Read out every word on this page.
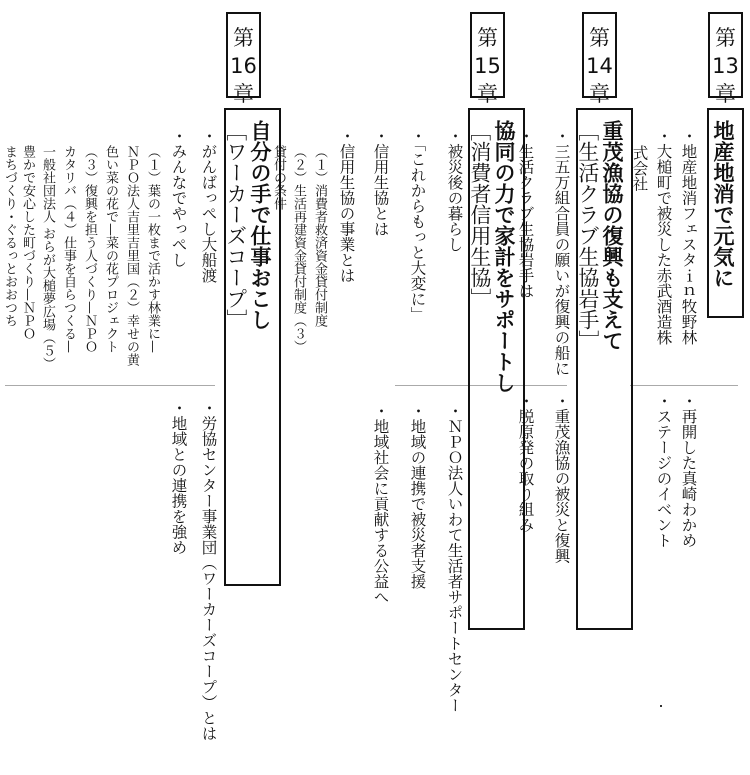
第
13
章
地産地消で元気に
・地産地消フェスタｉｎ牧野林
・大槌町で被災した赤武酒造株
式会社
・再開した真崎わかめ
・ステージのイベント
第
14
章
重茂漁協の復興も支えて
［生活クラブ生協岩手］
・三五万組合員の願いが復興の船に
・生活クラブ生協岩手は
・重茂漁協の被災と復興
・脱原発の取り組み
第
15
章
協同の力で家計をサポートし
［消費者信用生協］
・被災後の暮らし
・「これからもっと大変に」
・信用生協とは
・信用生協の事業とは
（１）消費者救済資金貸付制度
（２）生活再建資金貸付制度（３）
貸付の条件
・ＮＰＯ法人いわて生活者サポートセンター
・地域の連携で被災者支援
・地域社会に貢献する公益へ
第
16
章
自分の手で仕事おこし
［ワーカーズコープ］
・がんばっぺし大船渡
・みんなでやっぺし
（１）葉の一枚まで活かす林業に—
ＮＰＯ法人吉里吉里国（２）幸せの黄
色い菜の花で—菜の花プロジェクト
（３）復興を担う人づくり—ＮＰＯ
カタリバ（４）仕事を自らつくる—
一般社団法人 おらが大槌夢広場（５）
豊かで安心した町づくり—ＮＰＯ
まちづくり・ぐるっとおおつち
・労協センター事業団（ワーカーズコープ）とは
・地域との連携を強め
